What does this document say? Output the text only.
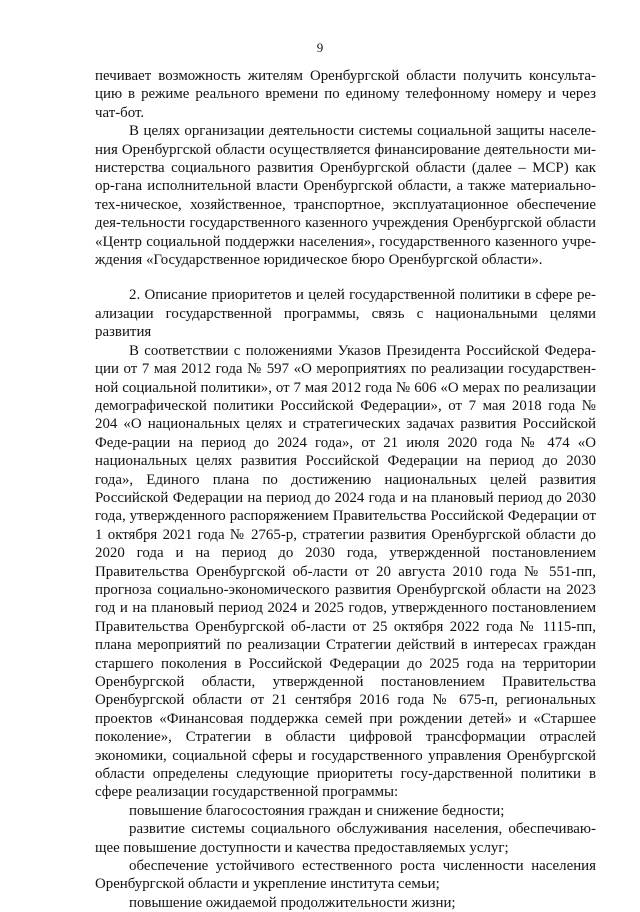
9

печивает возможность жителям Оренбургской области получить консульта-цию в режиме реального времени по единому телефонному номеру и через чат-бот.

В целях организации деятельности системы социальной защиты населе-ния Оренбургской области осуществляется финансирование деятельности ми-нистерства социального развития Оренбургской области (далее – МСР) как ор-гана исполнительной власти Оренбургской области, а также материально-тех-ническое, хозяйственное, транспортное, эксплуатационное обеспечение дея-тельности государственного казенного учреждения Оренбургской области «Центр социальной поддержки населения», государственного казенного учре-ждения «Государственное юридическое бюро Оренбургской области».

2. Описание приоритетов и целей государственной политики в сфере ре-ализации государственной программы, связь с национальными целями развития

В соответствии с положениями Указов Президента Российской Федера-ции от 7 мая 2012 года № 597 «О мероприятиях по реализации государствен-ной социальной политики», от 7 мая 2012 года № 606 «О мерах по реализации демографической политики Российской Федерации», от 7 мая 2018 года № 204 «О национальных целях и стратегических задачах развития Российской Феде-рации на период до 2024 года», от 21 июля 2020 года № 474 «О национальных целях развития Российской Федерации на период до 2030 года», Единого плана по достижению национальных целей развития Российской Федерации на период до 2024 года и на плановый период до 2030 года, утвержденного распоряжением Правительства Российской Федерации от 1 октября 2021 года № 2765-р, стратегии развития Оренбургской области до 2020 года и на период до 2030 года, утвержденной постановлением Правительства Оренбургской об-ласти от 20 августа 2010 года № 551-пп, прогноза социально-экономического развития Оренбургской области на 2023 год и на плановый период 2024 и 2025 годов, утвержденного постановлением Правительства Оренбургской об-ласти от 25 октября 2022 года № 1115-пп, плана мероприятий по реализации Стратегии действий в интересах граждан старшего поколения в Российской Федерации до 2025 года на территории Оренбургской области, утвержденной постановлением Правительства Оренбургской области от 21 сентября 2016 года № 675-п, региональных проектов «Финансовая поддержка семей при рождении детей» и «Старшее поколение», Стратегии в области цифровой трансформации отраслей экономики, социальной сферы и государственного управления Оренбургской области определены следующие приоритеты госу-дарственной политики в сфере реализации государственной программы:

повышение благосостояния граждан и снижение бедности;

развитие системы социального обслуживания населения, обеспечиваю-щее повышение доступности и качества предоставляемых услуг;

обеспечение устойчивого естественного роста численности населения Оренбургской области и укрепление института семьи;

повышение ожидаемой продолжительности жизни;
